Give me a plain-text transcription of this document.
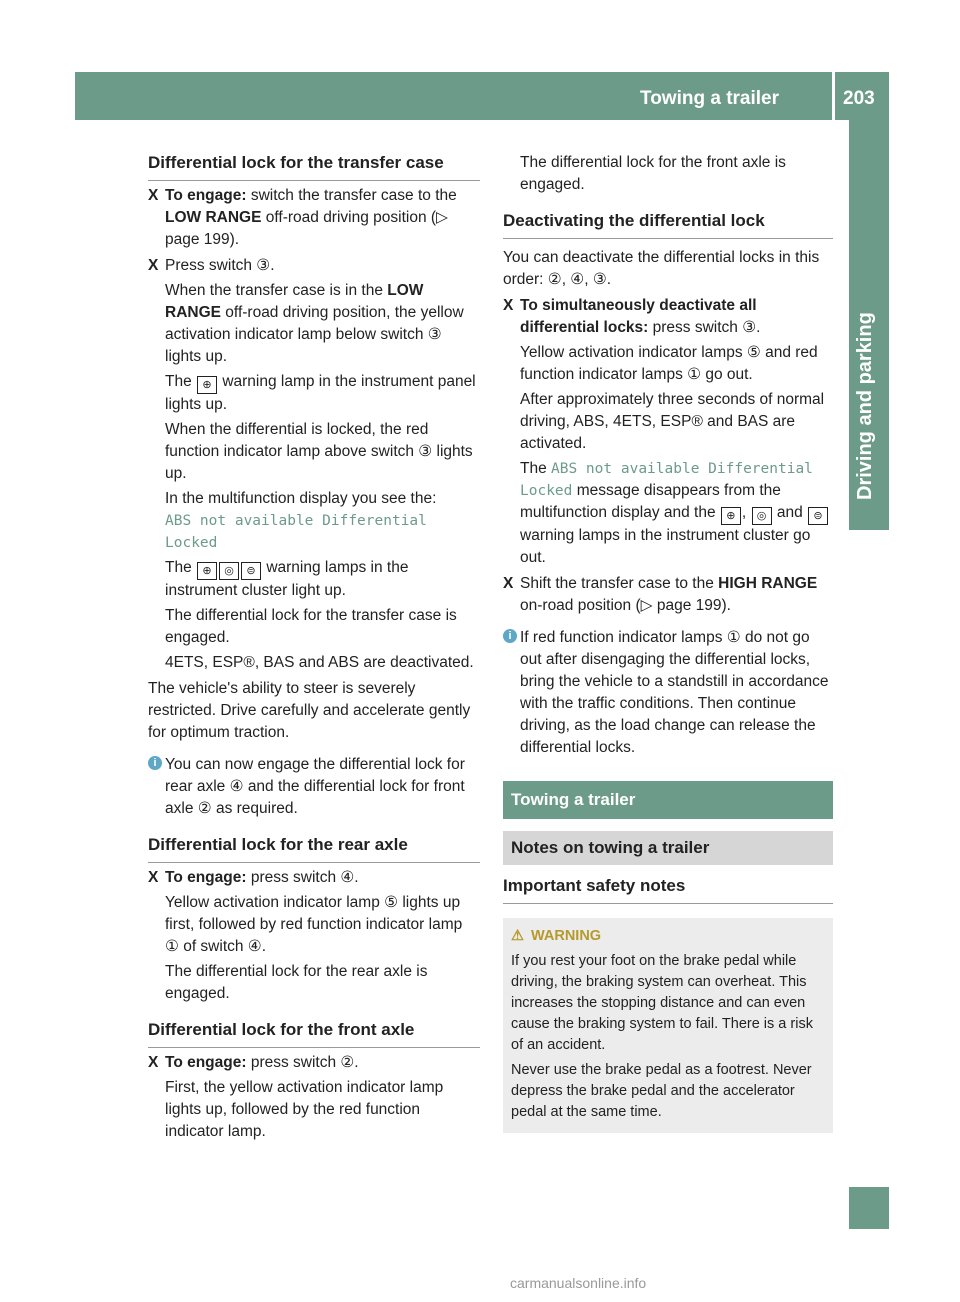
Towing a trailer	203
Driving and parking
Differential lock for the transfer case
X To engage: switch the transfer case to the LOW RANGE off-road driving position (▷ page 199).
X Press switch ③.

When the transfer case is in the LOW RANGE off-road driving position, the yellow activation indicator lamp below switch ③ lights up.

The ⊕ warning lamp in the instrument panel lights up.

When the differential is locked, the red function indicator lamp above switch ③ lights up.

In the multifunction display you see the:

ABS not available Differential Locked

The ⊕ ◎ ⊜ warning lamps in the instrument cluster light up.

The differential lock for the transfer case is engaged.

4ETS, ESP®, BAS and ABS are deactivated.

The vehicle's ability to steer is severely restricted. Drive carefully and accelerate gently for optimum traction.

i You can now engage the differential lock for rear axle ④ and the differential lock for front axle ② as required.
Differential lock for the rear axle
X To engage: press switch ④.

Yellow activation indicator lamp ⑤ lights up first, followed by red function indicator lamp ① of switch ④.

The differential lock for the rear axle is engaged.

Differential lock for the front axle
X To engage: press switch ②.

First, the yellow activation indicator lamp lights up, followed by the red function indicator lamp.

The differential lock for the front axle is engaged.

Deactivating the differential lock

You can deactivate the differential locks in this order: ②, ④, ③.

X To simultaneously deactivate all differential locks: press switch ③.

Yellow activation indicator lamps ⑤ and red function indicator lamps ① go out.

After approximately three seconds of normal driving, ABS, 4ETS, ESP® and BAS are activated.

The ABS not available Differential Locked message disappears from the multifunction display and the ⊕ , ◎ and ⊜ warning lamps in the instrument cluster go out.

X Shift the transfer case to the HIGH RANGE on-road position (▷ page 199).
i If red function indicator lamps ① do not go out after disengaging the differential locks, bring the vehicle to a standstill in accordance with the traffic conditions. Then continue driving, as the load change can release the differential locks.
Towing a trailer
Notes on towing a trailer
Important safety notes
⚠ WARNING

If you rest your foot on the brake pedal while driving, the braking system can overheat. This increases the stopping distance and can even cause the braking system to fail. There is a risk of an accident.

Never use the brake pedal as a footrest. Never depress the brake pedal and the accelerator pedal at the same time.

carmanualsonline.info
